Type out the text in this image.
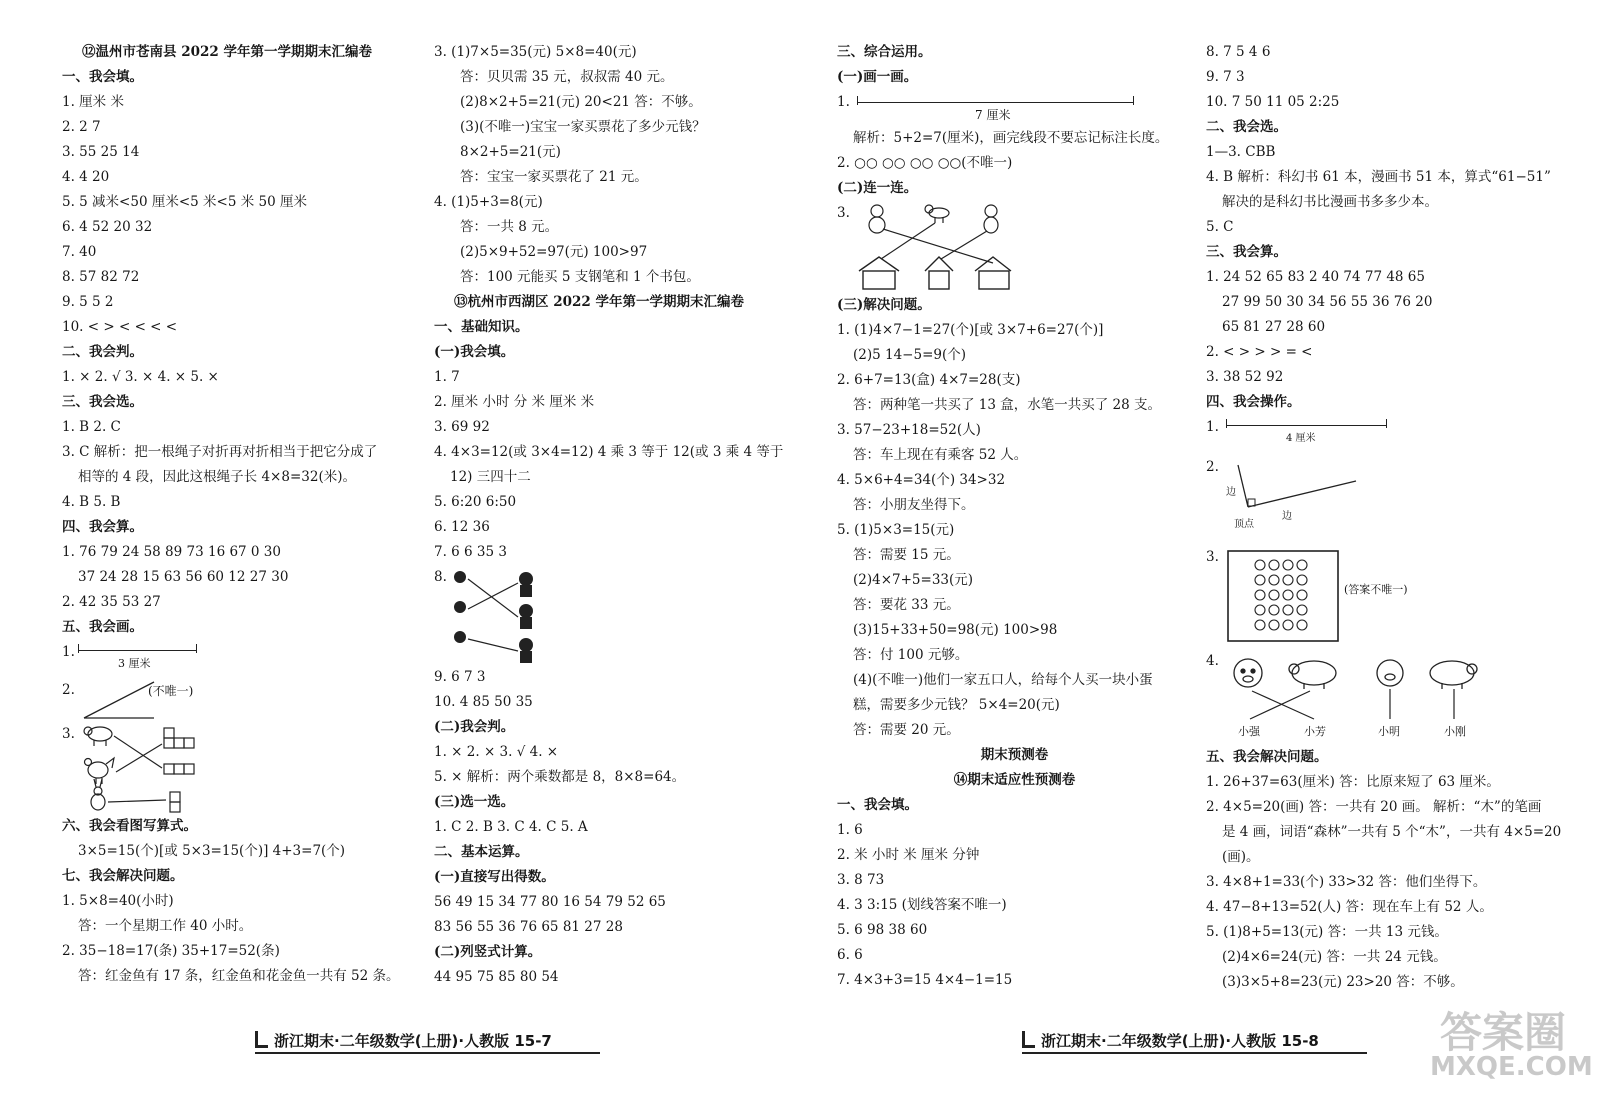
⑫温州市苍南县 2022 学年第一学期期末汇编卷
一、我会填。
1. 厘米 米
2. 2 7
3. 55 25 14
4. 4 20
5. 5 减米<50 厘米<5 米<5 米 50 厘米
6. 4 52 20 32
7. 40
8. 57 82 72
9. 5 5 2
10. < > < < < <
二、我会判。
1. × 2. √ 3. × 4. × 5. ×
三、我会选。
1. B 2. C
3. C 解析：把一根绳子对折再对折相当于把它分成了
相等的 4 段，因此这根绳子长 4×8=32(米)。
4. B 5. B
四、我会算。
1. 76 79 24 58 89 73 16 67 0 30
37 24 28 15 63 56 60 12 27 30
2. 42 35 53 27
五、我会画。
1.
3 厘米
2.	(不唯一)
3.
六、我会看图写算式。
3×5=15(个)[或 5×3=15(个)] 4+3=7(个)
七、我会解决问题。
1. 5×8=40(小时)
答：一个星期工作 40 小时。
2. 35−18=17(条) 35+17=52(条)
答：红金鱼有 17 条，红金鱼和花金鱼一共有 52 条。
3. (1)7×5=35(元) 5×8=40(元)
答：贝贝需 35 元，叔叔需 40 元。
(2)8×2+5=21(元) 20<21 答：不够。
(3)(不唯一)宝宝一家买票花了多少元钱？
8×2+5=21(元)
答：宝宝一家买票花了 21 元。
4. (1)5+3=8(元)
答：一共 8 元。
(2)5×9+52=97(元) 100>97
答：100 元能买 5 支钢笔和 1 个书包。
⑬杭州市西湖区 2022 学年第一学期期末汇编卷
一、基础知识。
(一)我会填。
1. 7
2. 厘米 小时 分 米 厘米 米
3. 69 92
4. 4×3=12(或 3×4=12) 4 乘 3 等于 12(或 3 乘 4 等于
12) 三四十二
5. 6:20 6:50
6. 12 36
7. 6 6 35 3
8.
9. 6 7 3
10. 4 85 50 35
(二)我会判。
1. × 2. × 3. √ 4. ×
5. × 解析：两个乘数都是 8，8×8=64。
(三)选一选。
1. C 2. B 3. C 4. C 5. A
二、基本运算。
(一)直接写出得数。
56 49 15 34 77 80 16 54 79 52 65
83 56 55 36 76 65 81 27 28
(二)列竖式计算。
44 95 75 85 80 54
浙江期末·二年级数学(上册)·人教版 15-7
三、综合运用。
(一)画一画。
1.
7 厘米
解析：5+2=7(厘米)，画完线段不要忘记标注长度。
2. ○○ ○○ ○○ ○○(不唯一)
(二)连一连。
3.
(三)解决问题。
1. (1)4×7−1=27(个)[或 3×7+6=27(个)]
(2)5 14−5=9(个)
2. 6+7=13(盒) 4×7=28(支)
答：两种笔一共买了 13 盒，水笔一共买了 28 支。
3. 57−23+18=52(人)
答：车上现在有乘客 52 人。
4. 5×6+4=34(个) 34>32
答：小朋友坐得下。
5. (1)5×3=15(元)
答：需要 15 元。
(2)4×7+5=33(元)
答：要花 33 元。
(3)15+33+50=98(元) 100>98
答：付 100 元够。
(4)(不唯一)他们一家五口人，给每个人买一块小蛋
糕，需要多少元钱？ 5×4=20(元)
答：需要 20 元。
期末预测卷
⑭期末适应性预测卷
一、我会填。
1. 6
2. 米 小时 米 厘米 分钟
3. 8 73
4. 3 3:15 (划线答案不唯一)
5. 6 98 38 60
6. 6
7. 4×3+3=15 4×4−1=15
8. 7 5 4 6
9. 7 3
10. 7 50 11 05 2:25
二、我会选。
1—3. CBB
4. B 解析：科幻书 61 本，漫画书 51 本，算式“61−51”
解决的是科幻书比漫画书多多少本。
5. C
三、我会算。
1. 24 52 65 83 2 40 74 77 48 65
27 99 50 30 34 56 55 36 76 20
65 81 27 28 60
2. < > > > = <
3. 38 52 92
四、我会操作。
1.
4 厘米
2.
边
顶点
边
3.
(答案不唯一)
4.
小强	小芳	小明	小刚
五、我会解决问题。
1. 26+37=63(厘米) 答：比原来短了 63 厘米。
2. 4×5=20(画) 答：一共有 20 画。 解析：“木”的笔画
是 4 画，词语“森林”一共有 5 个“木”，一共有 4×5=20
(画)。
3. 4×8+1=33(个) 33>32 答：他们坐得下。
4. 47−8+13=52(人) 答：现在车上有 52 人。
5. (1)8+5=13(元) 答：一共 13 元钱。
(2)4×6=24(元) 答：一共 24 元钱。
(3)3×5+8=23(元) 23>20 答：不够。
浙江期末·二年级数学(上册)·人教版 15-8	答案圈
MXQE.COM
